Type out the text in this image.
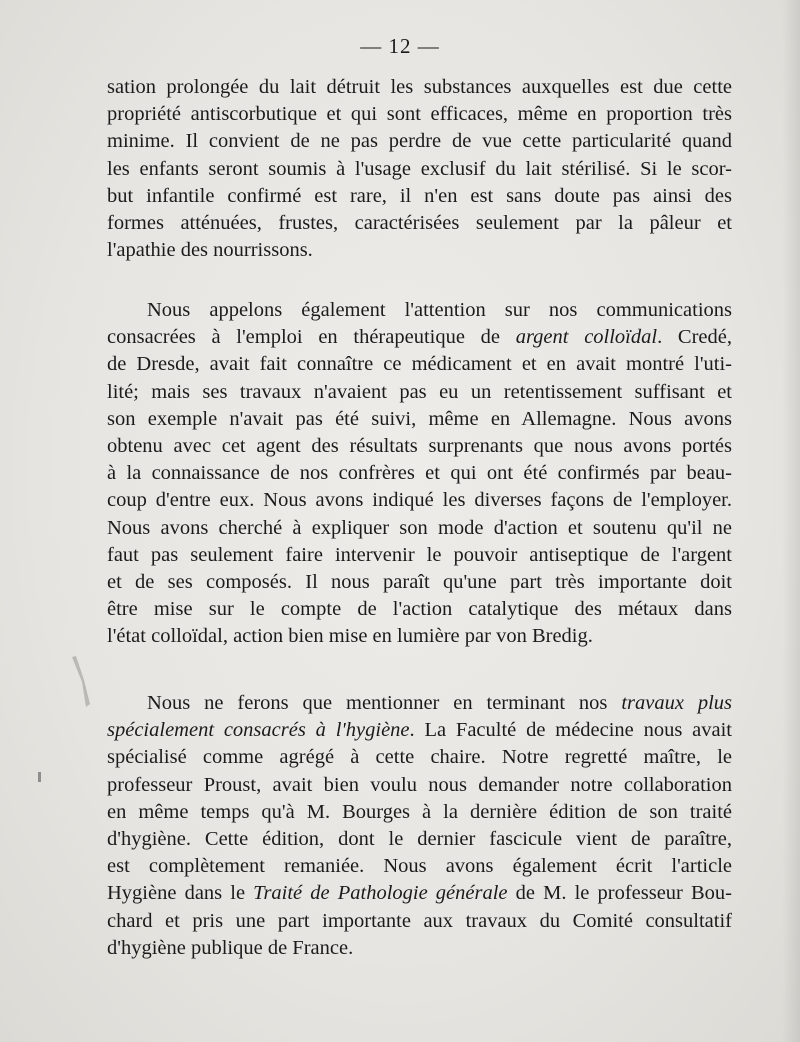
— 12 —
sation prolongée du lait détruit les substances auxquelles est due cette
propriété antiscorbutique et qui sont efficaces, même en proportion très
minime. Il convient de ne pas perdre de vue cette particularité quand
les enfants seront soumis à l'usage exclusif du lait stérilisé. Si le scor-
but infantile confirmé est rare, il n'en est sans doute pas ainsi des
formes atténuées, frustes, caractérisées seulement par la pâleur et
l'apathie des nourrissons.
Nous appelons également l'attention sur nos communications
consacrées à l'emploi en thérapeutique de argent colloïdal. Credé,
de Dresde, avait fait connaître ce médicament et en avait montré l'uti-
lité; mais ses travaux n'avaient pas eu un retentissement suffisant et
son exemple n'avait pas été suivi, même en Allemagne. Nous avons
obtenu avec cet agent des résultats surprenants que nous avons portés
à la connaissance de nos confrères et qui ont été confirmés par beau-
coup d'entre eux. Nous avons indiqué les diverses façons de l'employer.
Nous avons cherché à expliquer son mode d'action et soutenu qu'il ne
faut pas seulement faire intervenir le pouvoir antiseptique de l'argent
et de ses composés. Il nous paraît qu'une part très importante doit
être mise sur le compte de l'action catalytique des métaux dans
l'état colloïdal, action bien mise en lumière par von Bredig.
Nous ne ferons que mentionner en terminant nos travaux plus
spécialement consacrés à l'hygiène. La Faculté de médecine nous avait
spécialisé comme agrégé à cette chaire. Notre regretté maître, le
professeur Proust, avait bien voulu nous demander notre collaboration
en même temps qu'à M. Bourges à la dernière édition de son traité
d'hygiène. Cette édition, dont le dernier fascicule vient de paraître,
est complètement remaniée. Nous avons également écrit l'article
Hygiène dans le Traité de Pathologie générale de M. le professeur Bou-
chard et pris une part importante aux travaux du Comité consultatif
d'hygiène publique de France.
